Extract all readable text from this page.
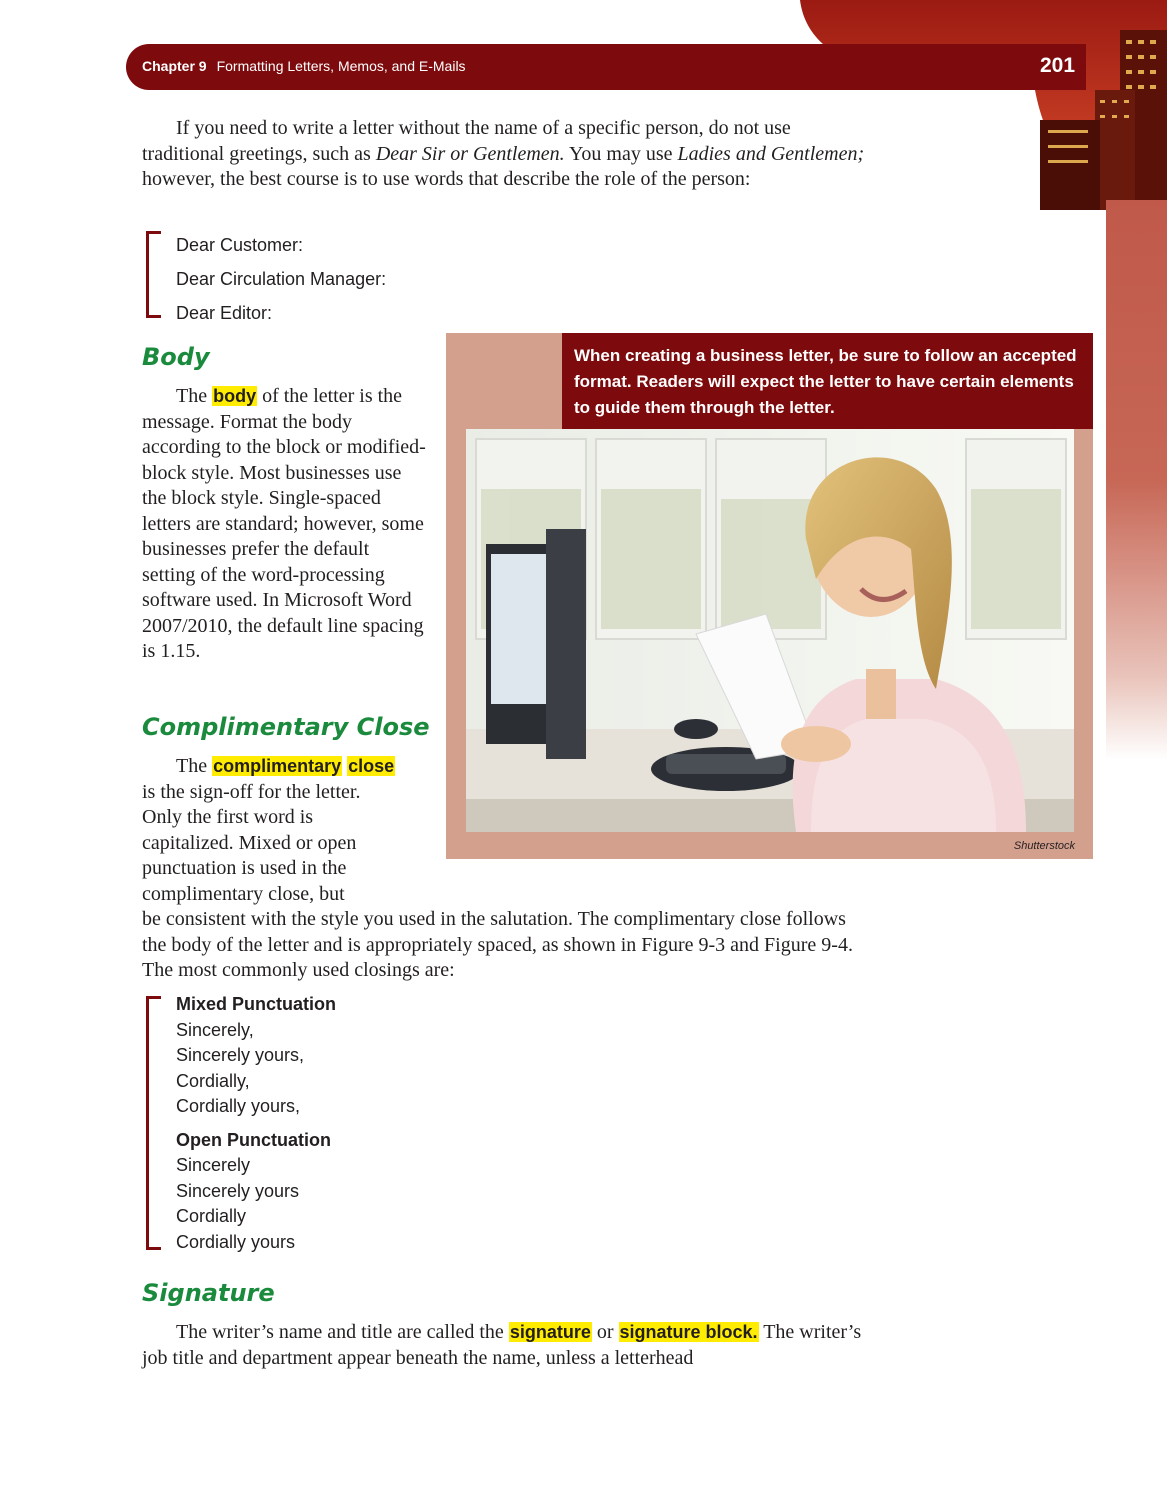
Chapter 9 Formatting Letters, Memos, and E-Mails	201

If you need to write a letter without the name of a specific person, do not use traditional greetings, such as Dear Sir or Gentlemen. You may use Ladies and Gentlemen; however, the best course is to use words that describe the role of the person:

Dear Customer:
Dear Circulation Manager:
Dear Editor:
Body

The body of the letter is the message. Format the body according to the block or modified-block style. Most businesses use the block style. Single-spaced letters are standard; however, some businesses prefer the default setting of the word-processing software used. In Microsoft Word 2007/2010, the default line spacing is 1.15.

Complimentary Close

The complimentary close is the sign-off for the letter. Only the first word is capitalized. Mixed or open punctuation is used in the complimentary close, but

be consistent with the style you used in the salutation. The complimentary close follows the body of the letter and is appropriately spaced, as shown in Figure 9-3 and Figure 9-4. The most commonly used closings are:

Mixed Punctuation
Sincerely,
Sincerely yours,
Cordially,
Cordially yours,
Open Punctuation
Sincerely
Sincerely yours
Cordially
Cordially yours
Signature

The writer’s name and title are called the signature or signature block. The writer’s job title and department appear beneath the name, unless a letterhead

When creating a business letter, be sure to follow an accepted format. Readers will expect the letter to have certain elements to guide them through the letter.
Shutterstock
